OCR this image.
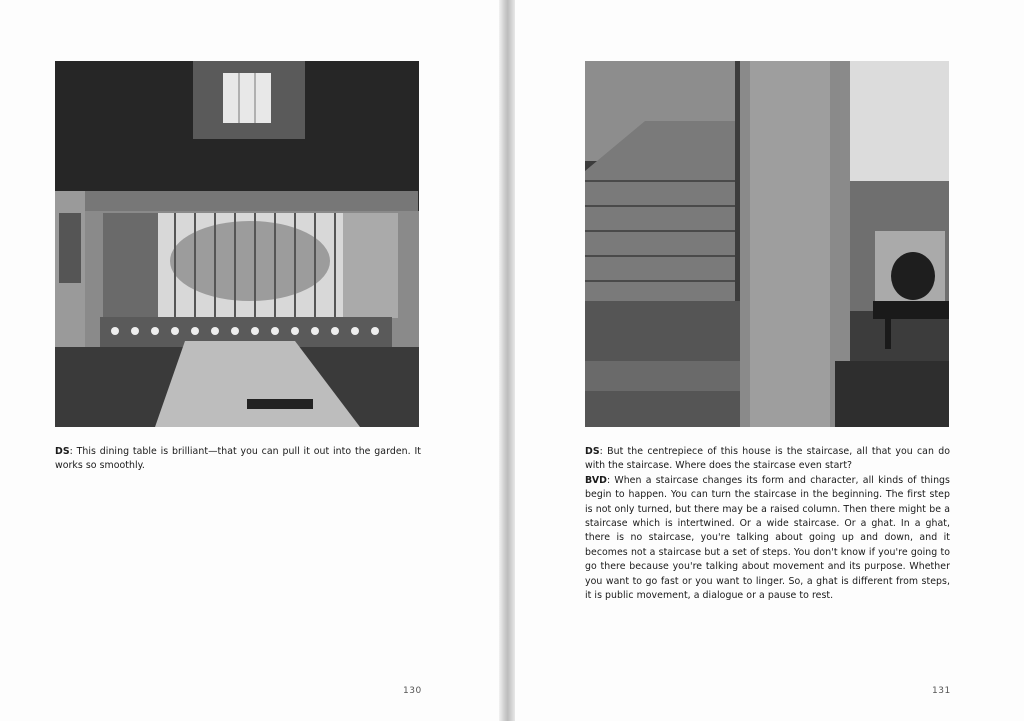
DS: This dining table is brilliant—that you can pull it out into the garden. It works so smoothly.

DS: But the centrepiece of this house is the staircase, all that you can do with the staircase. Where does the staircase even start?

BVD: When a staircase changes its form and character, all kinds of things begin to happen. You can turn the staircase in the beginning. The first step is not only turned, but there may be a raised column. Then there might be a staircase which is intertwined. Or a wide staircase. Or a ghat. In a ghat, there is no staircase, you're talking about going up and down, and it becomes not a staircase but a set of steps. You don't know if you're going to go there because you're talking about movement and its purpose. Whether you want to go fast or you want to linger. So, a ghat is different from steps, it is public movement, a dialogue or a pause to rest.

130	131
